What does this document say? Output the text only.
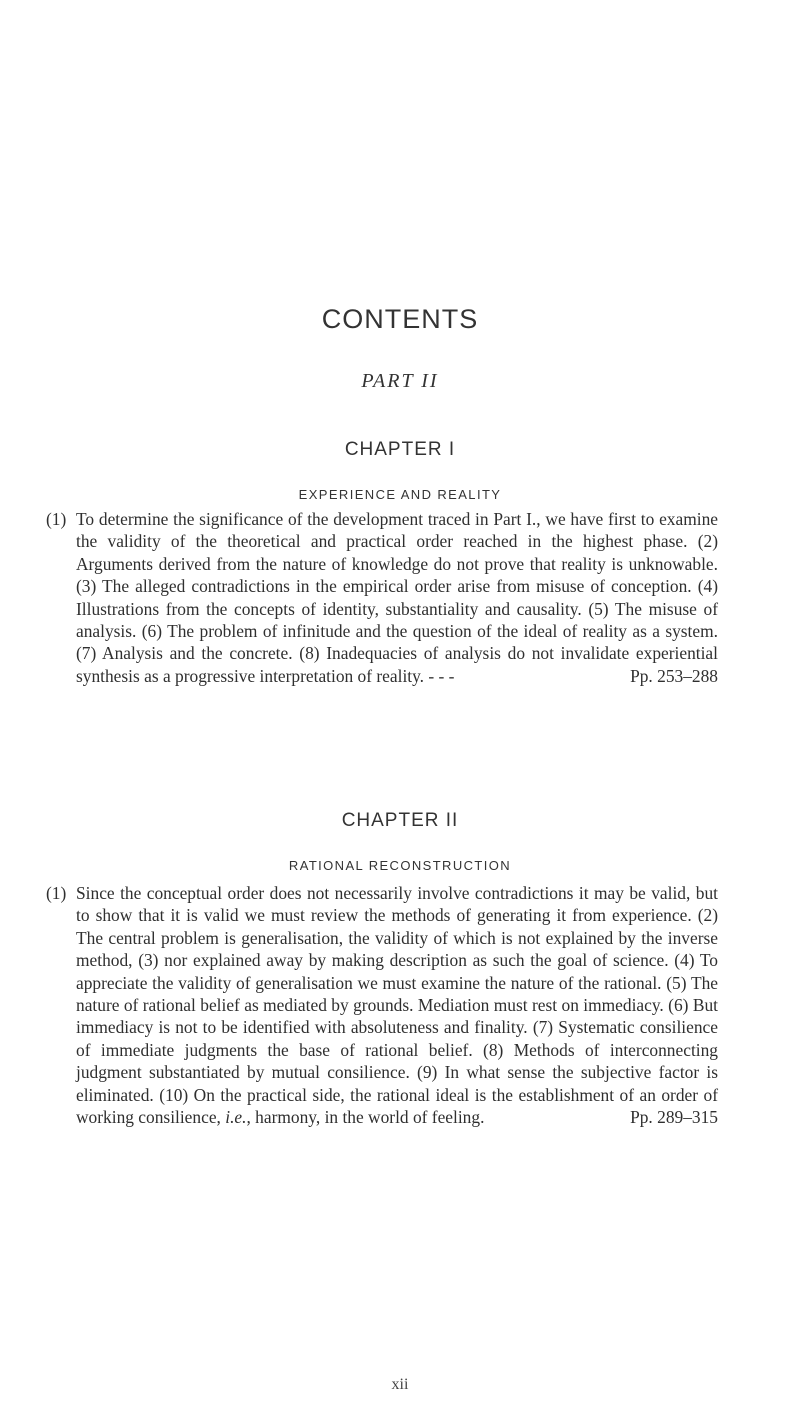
CONTENTS
PART II
CHAPTER I
EXPERIENCE AND REALITY
(1) To determine the significance of the development traced in Part I., we have first to examine the validity of the theoretical and practical order reached in the highest phase. (2) Arguments derived from the nature of knowledge do not prove that reality is unknowable. (3) The alleged contradictions in the empirical order arise from misuse of conception. (4) Illustrations from the concepts of identity, substantiality and causality. (5) The misuse of analysis. (6) The problem of infinitude and the question of the ideal of reality as a system. (7) Analysis and the concrete. (8) Inadequacies of analysis do not invalidate experiential synthesis as a progressive interpretation of reality. - - -	Pp. 253–288
CHAPTER II
RATIONAL RECONSTRUCTION
(1) Since the conceptual order does not necessarily involve contradictions it may be valid, but to show that it is valid we must review the methods of generating it from experience. (2) The central problem is generalisation, the validity of which is not explained by the inverse method, (3) nor explained away by making description as such the goal of science. (4) To appreciate the validity of generalisation we must examine the nature of the rational. (5) The nature of rational belief as mediated by grounds. Mediation must rest on immediacy. (6) But immediacy is not to be identified with absoluteness and finality. (7) Systematic consilience of immediate judgments the base of rational belief. (8) Methods of interconnecting judgment substantiated by mutual consilience. (9) In what sense the subjective factor is eliminated. (10) On the practical side, the rational ideal is the establishment of an order of working consilience, i.e., harmony, in the world of feeling.	Pp. 289–315
xii
